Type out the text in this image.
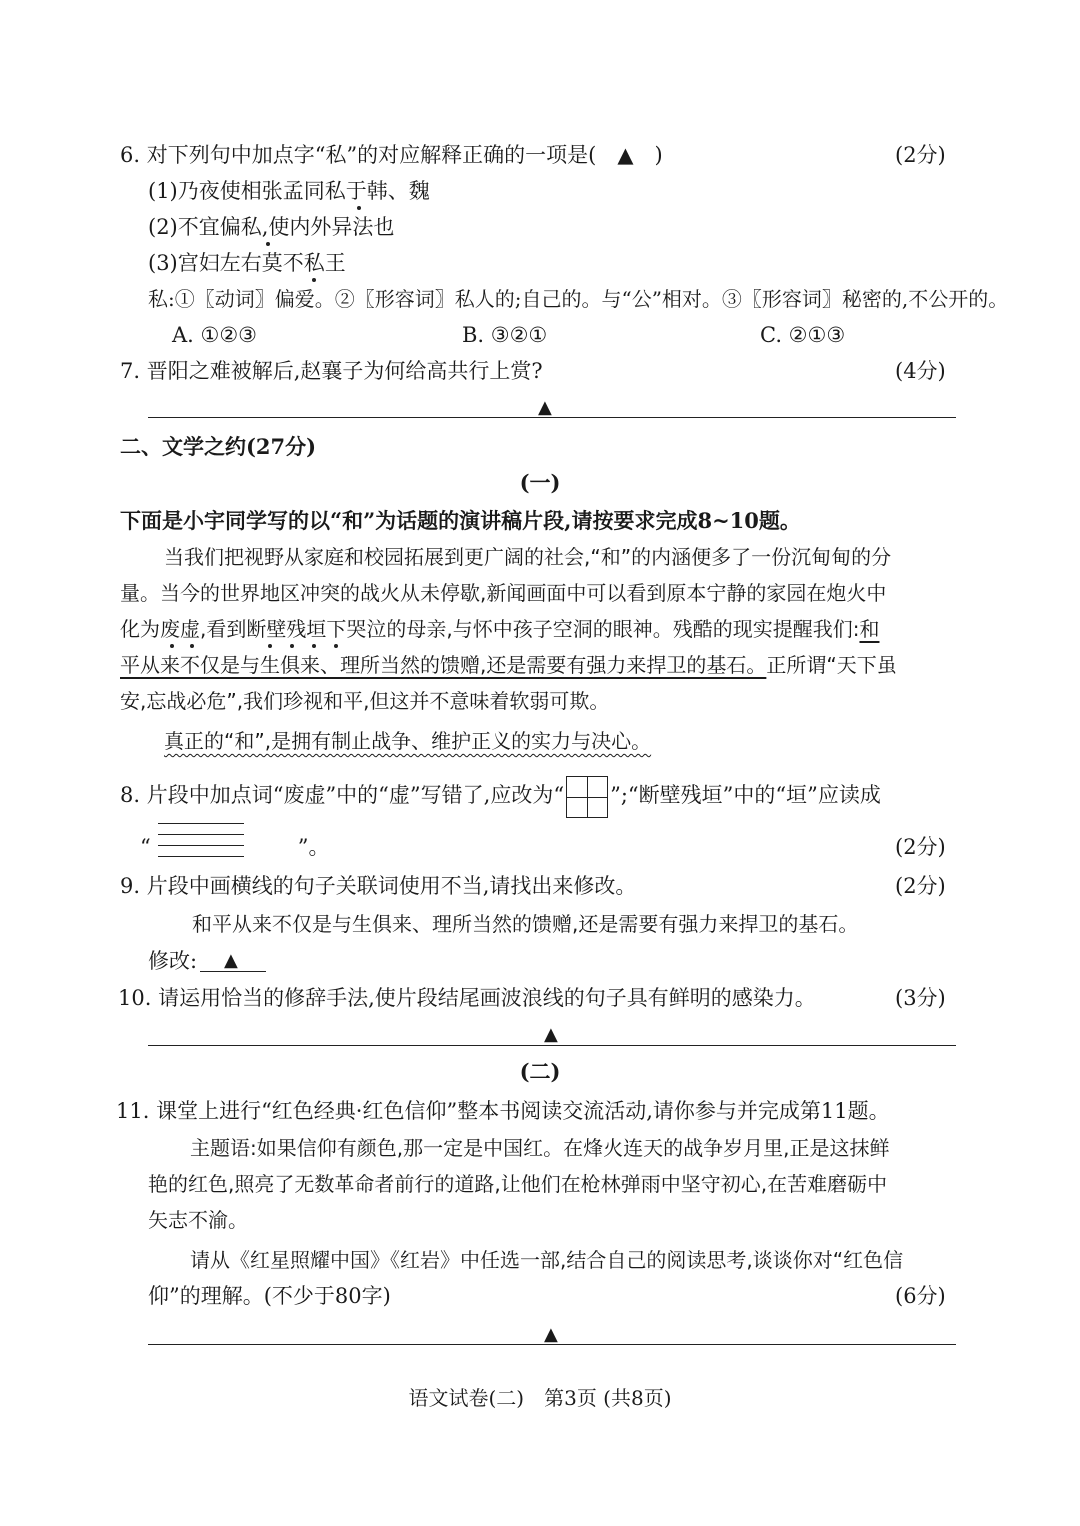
6. 对下列句中加点字“私”的对应解释正确的一项是(　▲　)	(2分)
(1)乃夜使相张孟同私于韩、魏
(2)不宜偏私,使内外异法也
(3)宫妇左右莫不私王
私:①〖动词〗偏爱。②〖形容词〗私人的;自己的。与“公”相对。③〖形容词〗秘密的,不公开的。
A. ①②③	B. ③②①	C. ②①③
7. 晋阳之难被解后,赵襄子为何给高共行上赏?	(4分)
▲
二、文学之约(27分)
(一)
下面是小宇同学写的以“和”为话题的演讲稿片段,请按要求完成8~10题。
当我们把视野从家庭和校园拓展到更广阔的社会,“和”的内涵便多了一份沉甸甸的分
量。当今的世界地区冲突的战火从未停歇,新闻画面中可以看到原本宁静的家园在炮火中
化为废虚,看到断壁残垣下哭泣的母亲,与怀中孩子空洞的眼神。残酷的现实提醒我们:和
平从来不仅是与生俱来、理所当然的馈赠,还是需要有强力来捍卫的基石。正所谓“天下虽
安,忘战必危”,我们珍视和平,但这并不意味着软弱可欺。
真正的“和”,是拥有制止战争、维护正义的实力与决心。
8. 片段中加点词“废虚”中的“虚”写错了,应改为“ ”;“断壁残垣”中的“垣”应读成
“　　　　　　　”。	(2分)
9. 片段中画横线的句子关联词使用不当,请找出来修改。	(2分)
和平从来不仅是与生俱来、理所当然的馈赠,还是需要有强力来捍卫的基石。
修改: ▲
10. 请运用恰当的修辞手法,使片段结尾画波浪线的句子具有鲜明的感染力。	(3分)
▲
(二)
11. 课堂上进行“红色经典·红色信仰”整本书阅读交流活动,请你参与并完成第11题。
主题语:如果信仰有颜色,那一定是中国红。在烽火连天的战争岁月里,正是这抹鲜
艳的红色,照亮了无数革命者前行的道路,让他们在枪林弹雨中坚守初心,在苦难磨砺中
矢志不渝。
请从《红星照耀中国》《红岩》中任选一部,结合自己的阅读思考,谈谈你对“红色信
仰”的理解。(不少于80字)	(6分)
▲
语文试卷(二)　第3页 (共8页)
